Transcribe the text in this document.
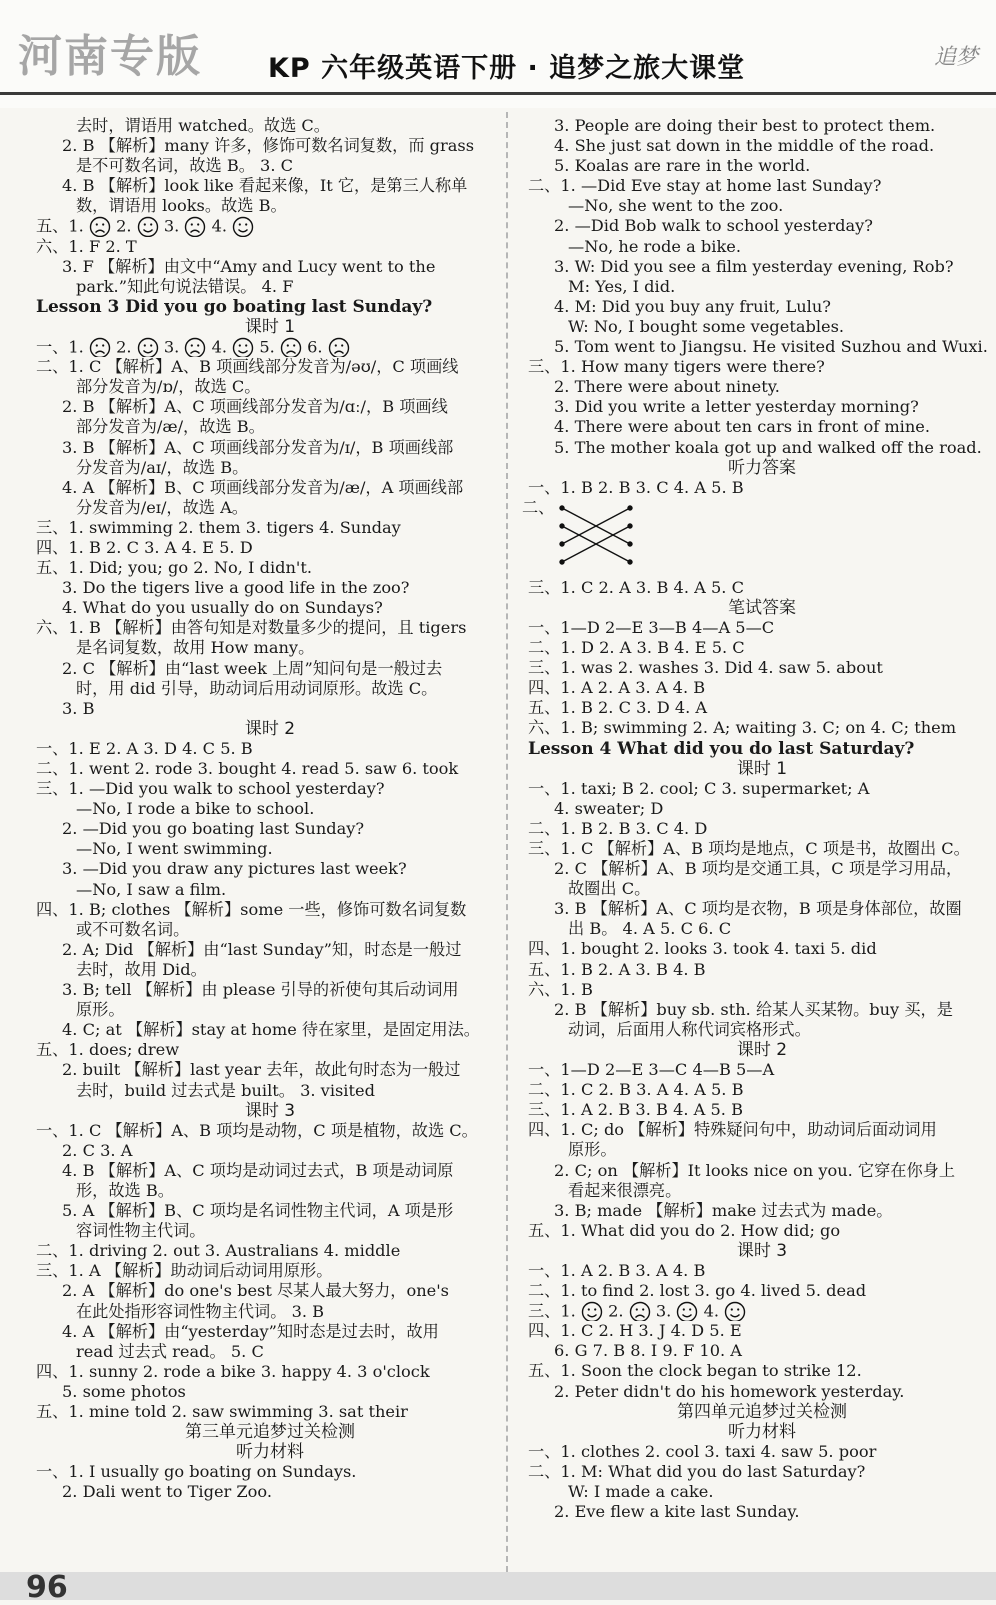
河南专版 KP 六年级英语下册 · 追梦之旅大课堂	追梦
去时，谓语用 watched。故选 C。
2. B 【解析】many 许多，修饰可数名词复数，而 grass
是不可数名词，故选 B。 3. C
4. B 【解析】look like 看起来像，It 它，是第三人称单
数，谓语用 looks。故选 B。
五、1.  2.  3.  4.
六、1. F 2. T
3. F 【解析】由文中“Amy and Lucy went to the
park.”知此句说法错误。 4. F
Lesson 3 Did you go boating last Sunday?
课时 1
一、1.  2.  3.  4.  5.  6.
二、1. C 【解析】A、B 项画线部分发音为/əʊ/，C 项画线
部分发音为/ɒ/，故选 C。
2. B 【解析】A、C 项画线部分发音为/ɑː/，B 项画线
部分发音为/æ/，故选 B。
3. B 【解析】A、C 项画线部分发音为/ɪ/，B 项画线部
分发音为/aɪ/，故选 B。
4. A 【解析】B、C 项画线部分发音为/æ/，A 项画线部
分发音为/eɪ/，故选 A。
三、1. swimming 2. them 3. tigers 4. Sunday
四、1. B 2. C 3. A 4. E 5. D
五、1. Did; you; go 2. No, I didn't.
3. Do the tigers live a good life in the zoo?
4. What do you usually do on Sundays?
六、1. B 【解析】由答句知是对数量多少的提问，且 tigers
是名词复数，故用 How many。
2. C 【解析】由“last week 上周”知问句是一般过去
时，用 did 引导，助动词后用动词原形。故选 C。
3. B
课时 2
一、1. E 2. A 3. D 4. C 5. B
二、1. went 2. rode 3. bought 4. read 5. saw 6. took
三、1. —Did you walk to school yesterday?
—No, I rode a bike to school.
2. —Did you go boating last Sunday?
—No, I went swimming.
3. —Did you draw any pictures last week?
—No, I saw a film.
四、1. B; clothes 【解析】some 一些，修饰可数名词复数
或不可数名词。
2. A; Did 【解析】由“last Sunday”知，时态是一般过
去时，故用 Did。
3. B; tell 【解析】由 please 引导的祈使句其后动词用
原形。
4. C; at 【解析】stay at home 待在家里，是固定用法。
五、1. does; drew
2. built 【解析】last year 去年，故此句时态为一般过
去时，build 过去式是 built。 3. visited
课时 3
一、1. C 【解析】A、B 项均是动物，C 项是植物，故选 C。
2. C 3. A
4. B 【解析】A、C 项均是动词过去式，B 项是动词原
形，故选 B。
5. A 【解析】B、C 项均是名词性物主代词，A 项是形
容词性物主代词。
二、1. driving 2. out 3. Australians 4. middle
三、1. A 【解析】助动词后动词用原形。
2. A 【解析】do one's best 尽某人最大努力，one's
在此处指形容词性物主代词。 3. B
4. A 【解析】由“yesterday”知时态是过去时，故用
read 过去式 read。 5. C
四、1. sunny 2. rode a bike 3. happy 4. 3 o'clock
5. some photos
五、1. mine told 2. saw swimming 3. sat their
第三单元追梦过关检测
听力材料
一、1. I usually go boating on Sundays.
2. Dali went to Tiger Zoo.
3. People are doing their best to protect them.
4. She just sat down in the middle of the road.
5. Koalas are rare in the world.
二、1. —Did Eve stay at home last Sunday?
—No, she went to the zoo.
2. —Did Bob walk to school yesterday?
—No, he rode a bike.
3. W: Did you see a film yesterday evening, Rob?
M: Yes, I did.
4. M: Did you buy any fruit, Lulu?
W: No, I bought some vegetables.
5. Tom went to Jiangsu. He visited Suzhou and Wuxi.
三、1. How many tigers were there?
2. There were about ninety.
3. Did you write a letter yesterday morning?
4. There were about ten cars in front of mine.
5. The mother koala got up and walked off the road.
听力答案
一、1. B 2. B 3. C 4. A 5. B
二、
三、1. C 2. A 3. B 4. A 5. C
笔试答案
一、1—D 2—E 3—B 4—A 5—C
二、1. D 2. A 3. B 4. E 5. C
三、1. was 2. washes 3. Did 4. saw 5. about
四、1. A 2. A 3. A 4. B
五、1. B 2. C 3. D 4. A
六、1. B; swimming 2. A; waiting 3. C; on 4. C; them
Lesson 4 What did you do last Saturday?
课时 1
一、1. taxi; B 2. cool; C 3. supermarket; A
4. sweater; D
二、1. B 2. B 3. C 4. D
三、1. C 【解析】A、B 项均是地点，C 项是书，故圈出 C。
2. C 【解析】A、B 项均是交通工具，C 项是学习用品，
故圈出 C。
3. B 【解析】A、C 项均是衣物，B 项是身体部位，故圈
出 B。 4. A 5. C 6. C
四、1. bought 2. looks 3. took 4. taxi 5. did
五、1. B 2. A 3. B 4. B
六、1. B
2. B 【解析】buy sb. sth. 给某人买某物。buy 买，是
动词，后面用人称代词宾格形式。
课时 2
一、1—D 2—E 3—C 4—B 5—A
二、1. C 2. B 3. A 4. A 5. B
三、1. A 2. B 3. B 4. A 5. B
四、1. C; do 【解析】特殊疑问句中，助动词后面动词用
原形。
2. C; on 【解析】It looks nice on you. 它穿在你身上
看起来很漂亮。
3. B; made 【解析】make 过去式为 made。
五、1. What did you do 2. How did; go
课时 3
一、1. A 2. B 3. A 4. B
二、1. to find 2. lost 3. go 4. lived 5. dead
三、1.  2.  3.  4.
四、1. C 2. H 3. J 4. D 5. E
6. G 7. B 8. I 9. F 10. A
五、1. Soon the clock began to strike 12.
2. Peter didn't do his homework yesterday.
第四单元追梦过关检测
听力材料
一、1. clothes 2. cool 3. taxi 4. saw 5. poor
二、1. M: What did you do last Saturday?
W: I made a cake.
2. Eve flew a kite last Sunday.
96
